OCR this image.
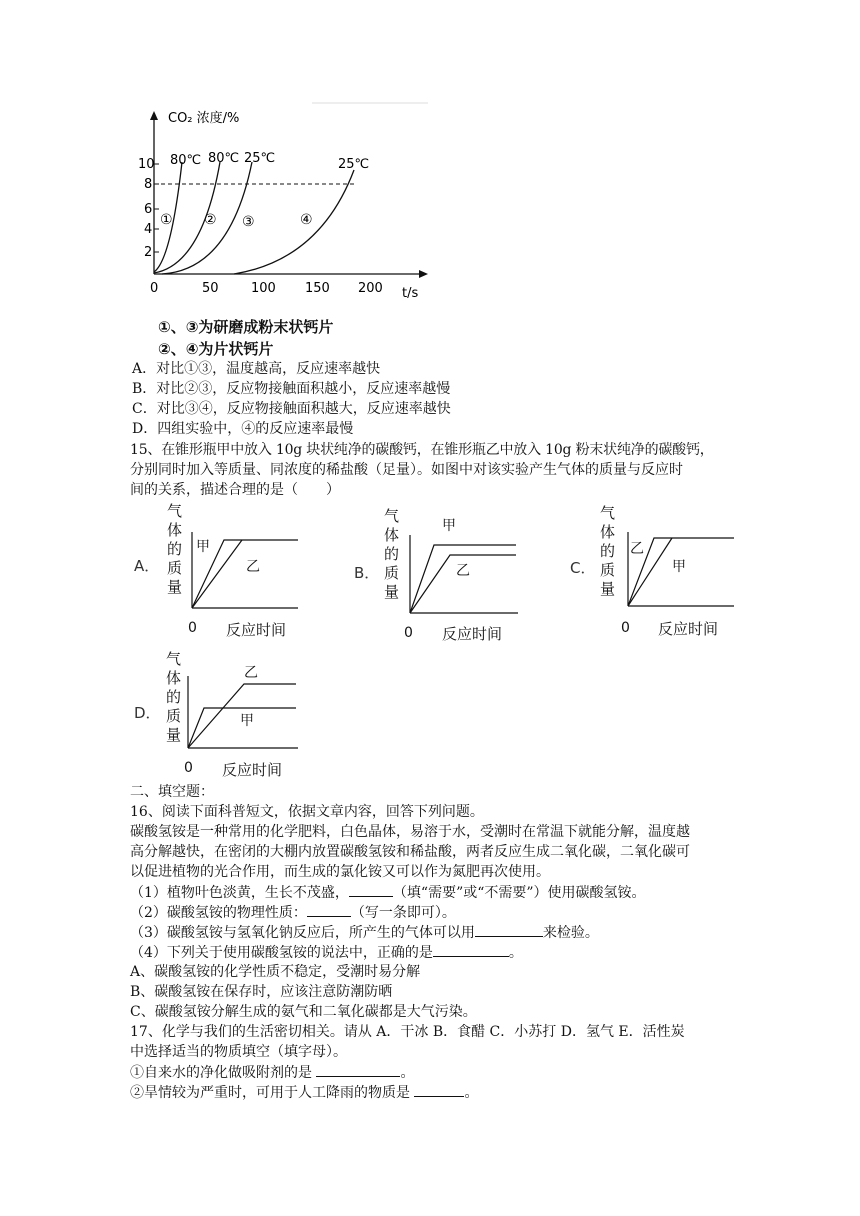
CO₂ 浓度/%
t/s
10
8
6
4
2
0	50 100 150 200
80℃ 80℃ 25℃	25℃
① ② ③	④
①、③为研磨成粉末状钙片
②、④为片状钙片
A．对比①③，温度越高，反应速率越快
B．对比②③，反应物接触面积越小，反应速率越慢
C．对比③④，反应物接触面积越大，反应速率越快
D．四组实验中，④的反应速率最慢
15、在锥形瓶甲中放入 10g 块状纯净的碳酸钙，在锥形瓶乙中放入 10g 粉末状纯净的碳酸钙，
分别同时加入等质量、同浓度的稀盐酸（足量）。如图中对该实验产生气体的质量与反应时
间的关系，描述合理的是（　　）
A．
气
体
的
质
量
甲
乙
0 反应时间
B．
气
体
的
质
量
甲
乙
0 反应时间
C．
气
体
的
质
量
乙
甲
0 反应时间
D．
气
体
的
质
量
乙
甲
0 反应时间
二、填空题：
16、阅读下面科普短文，依据文章内容，回答下列问题。
碳酸氢铵是一种常用的化学肥料，白色晶体，易溶于水，受潮时在常温下就能分解，温度越
高分解越快，在密闭的大棚内放置碳酸氢铵和稀盐酸，两者反应生成二氧化碳，二氧化碳可
以促进植物的光合作用，而生成的氯化铵又可以作为氮肥再次使用。
（1）植物叶色淡黄，生长不茂盛，	（填“需要”或“不需要”）使用碳酸氢铵。
（2）碳酸氢铵的物理性质：	（写一条即可）。
（3）碳酸氢铵与氢氧化钠反应后，所产生的气体可以用	来检验。
（4）下列关于使用碳酸氢铵的说法中，正确的是	。
A、碳酸氢铵的化学性质不稳定，受潮时易分解
B、碳酸氢铵在保存时，应该注意防潮防晒
C、碳酸氢铵分解生成的氨气和二氧化碳都是大气污染。
17、化学与我们的生活密切相关。请从 A．干冰 B．食醋 C．小苏打 D．氢气 E．活性炭
中选择适当的物质填空（填字母）。
①自来水的净化做吸附剂的是	。
②旱情较为严重时，可用于人工降雨的物质是	。
